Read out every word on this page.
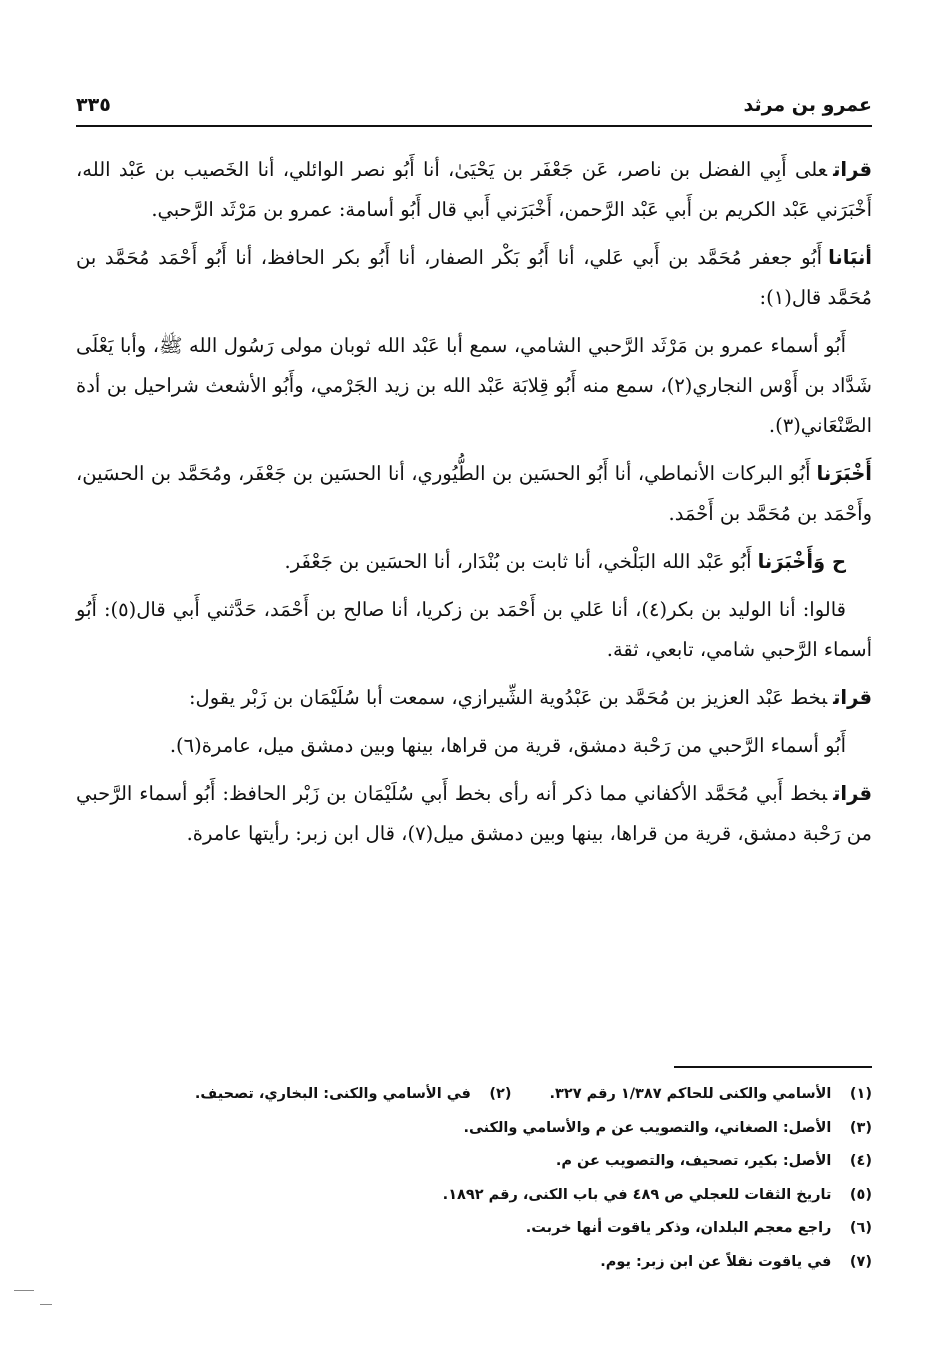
عمرو بن مرثد
٣٣٥

قراتعلى أَبِي الفضل بن ناصر، عَن جَعْفَر بن يَحْيَىٰ، أنا أَبُو نصر الوائلي، أنا الخَصيب بن عَبْد الله، أَخْبَرَني عَبْد الكريم بن أَبي عَبْد الرَّحمن، أَخْبَرَني أَبي قال أَبُو أسامة: عمرو بن مَرْثَد الرَّحبي.

أنبَاناأَبُو جعفر مُحَمَّد بن أَبي عَلي، أنا أَبُو بَكْر الصفار، أنا أَبُو بكر الحافظ، أنا أَبُو أَحْمَد مُحَمَّد بن مُحَمَّد قال(١):

أَبُو أسماء عمرو بن مَرْثَد الرَّحبي الشامي، سمع أبا عَبْد الله ثوبان مولى رَسُول الله ﷺ، وأبا يَعْلَى شَدَّاد بن أَوْس النجاري(٢)، سمع منه أَبُو قِلابَة عَبْد الله بن زيد الجَرْمي، وأَبُو الأشعث شراحيل بن أدة الصَّنْعَاني(٣).

أَخْبَرَناأَبُو البركات الأنماطي، أنا أَبُو الحسَين بن الطُّيُوري، أنا الحسَين بن جَعْفَر، ومُحَمَّد بن الحسَين، وأَحْمَد بن مُحَمَّد بن أَحْمَد.

ح وَأَخْبَرَناأَبُو عَبْد الله البَلْخي، أنا ثابت بن بُنْدَار، أنا الحسَين بن جَعْفَر.

قالوا: أنا الوليد بن بكر(٤)، أنا عَلي بن أَحْمَد بن زكريا، أنا صالح بن أَحْمَد، حَدَّثني أَبي قال(٥): أَبُو أسماء الرَّحبي شامي، تابعي، ثقة.

قراتبخط عَبْد العزيز بن مُحَمَّد بن عَبْدُوية الشِّيرازي، سمعت أبا سُلَيْمَان بن زَبْر يقول:

أَبُو أسماء الرَّحبي من رَحْبة دمشق، قرية من قراها، بينها وبين دمشق ميل، عامرة(٦).

قراتبخط أَبي مُحَمَّد الأكفاني مما ذكر أنه رأى بخط أَبي سُلَيْمَان بن زَبْر الحافظ: أَبُو أسماء الرَّحبي من رَحْبة دمشق، قرية من قراها، بينها وبين دمشق ميل(٧)، قال ابن زبر: رأيتها عامرة.

(١) الأسامي والكنى للحاكم ١/٣٨٧ رقم ٣٢٧.
(٢) في الأسامي والكنى: البخاري، تصحيف.
(٣) الأصل: الصغاني، والتصويب عن م والأسامي والكنى.
(٤) الأصل: بكير، تصحيف، والتصويب عن م.
(٥) تاريخ الثقات للعجلي ص ٤٨٩ في باب الكنى، رقم ١٨٩٢.
(٦) راجع معجم البلدان، وذكر ياقوت أنها خربت.
(٧) في ياقوت نقلاً عن ابن زبر: يوم.
